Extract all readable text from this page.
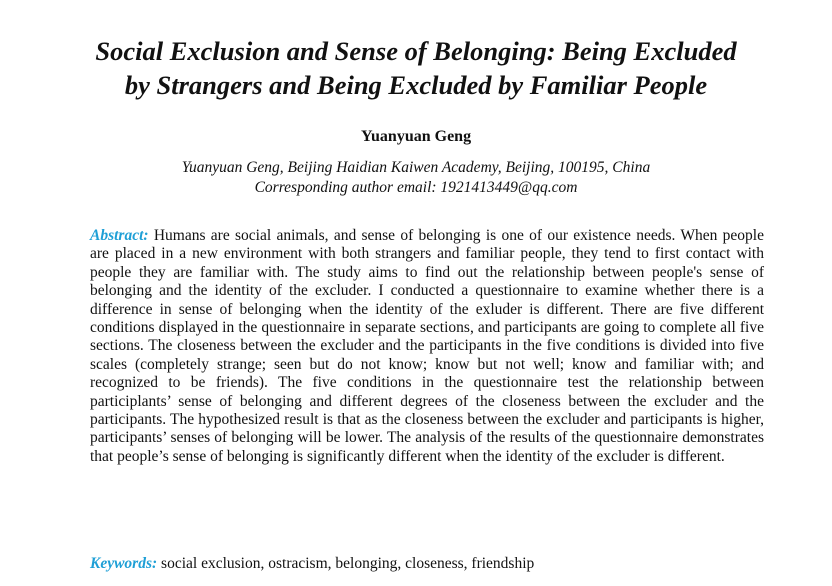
Social Exclusion and Sense of Belonging: Being Excluded
by Strangers and Being Excluded by Familiar People
Yuanyuan Geng
Yuanyuan Geng, Beijing Haidian Kaiwen Academy, Beijing, 100195, China
Corresponding author email: 1921413449@qq.com

Abstract: Humans are social animals, and sense of belonging is one of our existence needs. When people are placed in a new environment with both strangers and familiar people, they tend to first contact with people they are familiar with. The study aims to find out the relationship between people's sense of belonging and the identity of the excluder. I conducted a questionnaire to examine whether there is a difference in sense of belonging when the identity of the exluder is different. There are five different conditions displayed in the questionnaire in separate sections, and participants are going to complete all five sections. The closeness between the excluder and the participants in the five conditions is divided into five scales (completely strange; seen but do not know; know but not well; know and familiar with; and recognized to be friends). The five conditions in the questionnaire test the relationship between participlants’ sense of belonging and different degrees of the closeness between the excluder and the participants. The hypothesized result is that as the closeness between the excluder and participants is higher, participants’ senses of belonging will be lower. The analysis of the results of the questionnaire demonstrates that people’s sense of belonging is significantly different when the identity of the excluder is different.

Keywords: social exclusion, ostracism, belonging, closeness, friendship
